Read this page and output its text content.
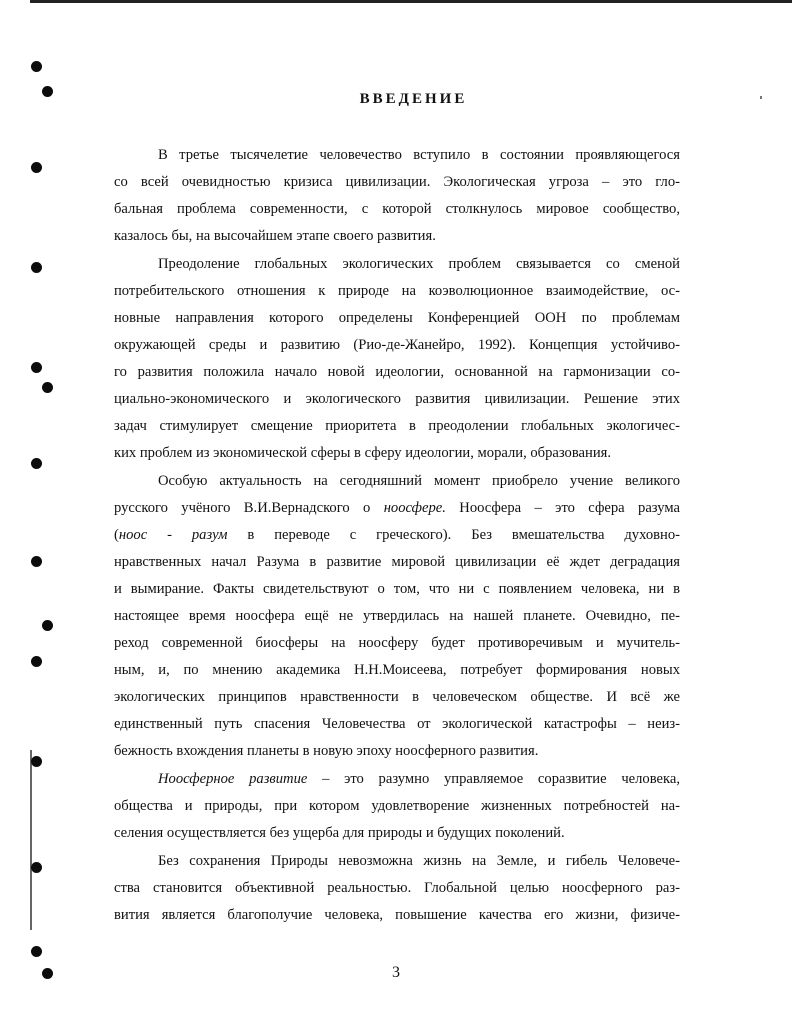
ВВЕДЕНИЕ
В третье тысячелетие человечество вступило в состоянии проявляющегося
со всей очевидностью кризиса цивилизации. Экологическая угроза – это гло-
бальная проблема современности, с которой столкнулось мировое сообщество,
казалось бы, на высочайшем этапе своего развития.
Преодоление глобальных экологических проблем связывается со сменой
потребительского отношения к природе на коэволюционное взаимодействие, ос-
новные направления которого определены Конференцией ООН по проблемам
окружающей среды и развитию (Рио-де-Жанейро, 1992). Концепция устойчиво-
го развития положила начало новой идеологии, основанной на гармонизации со-
циально-экономического и экологического развития цивилизации. Решение этих
задач стимулирует смещение приоритета в преодолении глобальных экологичес-
ких проблем из экономической сферы в сферу идеологии, морали, образования.
Особую актуальность на сегодняшний момент приобрело учение великого
русского учёного В.И.Вернадского о ноосфере. Ноосфера – это сфера разума
(ноос - разум в переводе с греческого). Без вмешательства духовно-
нравственных начал Разума в развитие мировой цивилизации её ждет деградация
и вымирание. Факты свидетельствуют о том, что ни с появлением человека, ни в
настоящее время ноосфера ещё не утвердилась на нашей планете. Очевидно, пе-
реход современной биосферы на ноосферу будет противоречивым и мучитель-
ным, и, по мнению академика Н.Н.Моисеева, потребует формирования новых
экологических принципов нравственности в человеческом обществе. И всё же
единственный путь спасения Человечества от экологической катастрофы – неиз-
бежность вхождения планеты в новую эпоху ноосферного развития.
Ноосферное развитие – это разумно управляемое соразвитие человека,
общества и природы, при котором удовлетворение жизненных потребностей на-
селения осуществляется без ущерба для природы и будущих поколений.
Без сохранения Природы невозможна жизнь на Земле, и гибель Человече-
ства становится объективной реальностью. Глобальной целью ноосферного раз-
вития является благополучие человека, повышение качества его жизни, физиче-
3
